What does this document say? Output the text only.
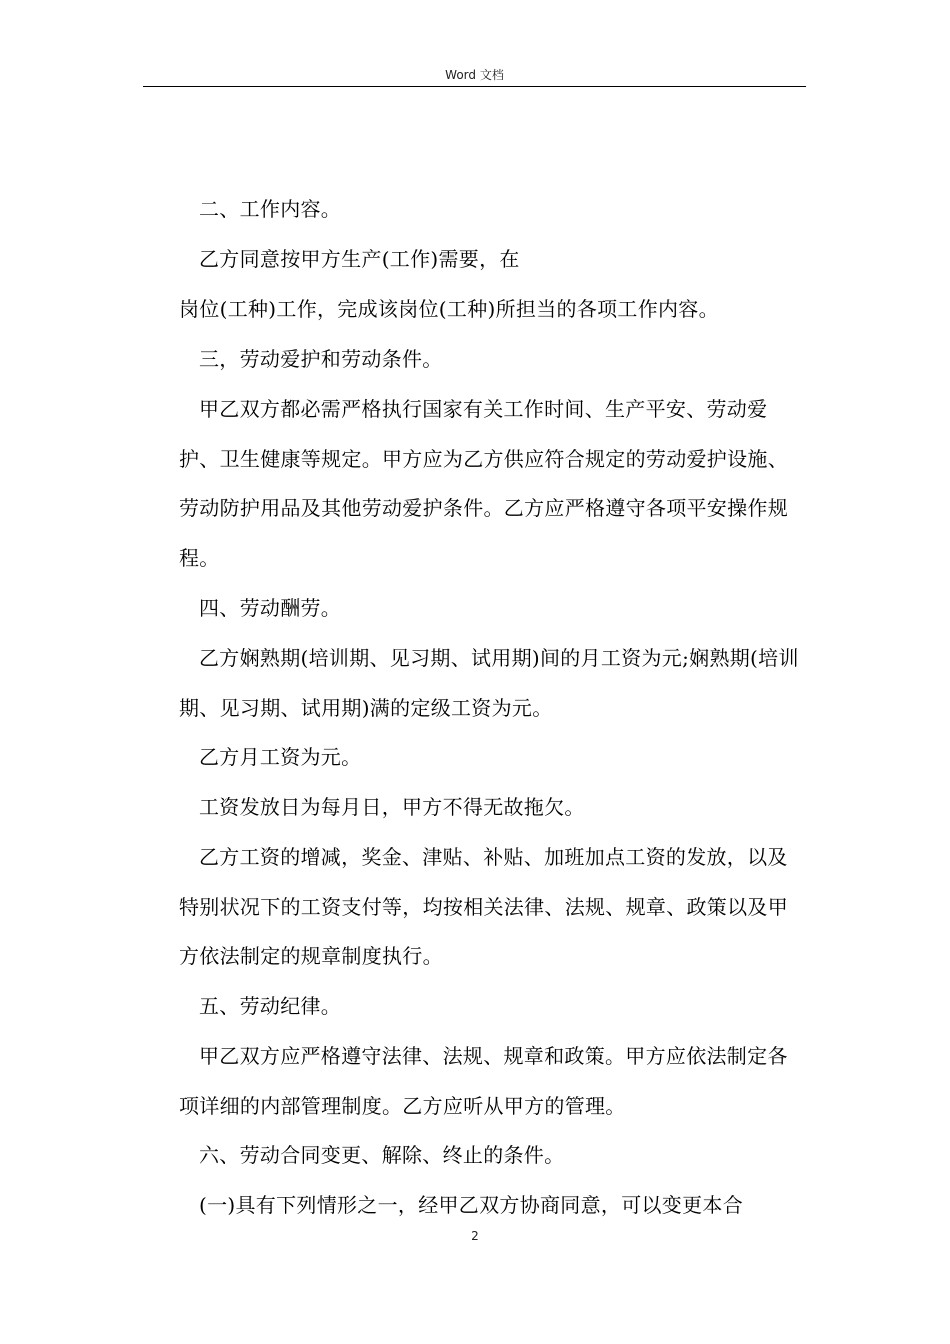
Word 文档
二、工作内容。
乙方同意按甲方生产(工作)需要，在
岗位(工种)工作，完成该岗位(工种)所担当的各项工作内容。
三，劳动爱护和劳动条件。
甲乙双方都必需严格执行国家有关工作时间、生产平安、劳动爱护、卫生健康等规定。甲方应为乙方供应符合规定的劳动爱护设施、劳动防护用品及其他劳动爱护条件。乙方应严格遵守各项平安操作规程。
四、劳动酬劳。
乙方娴熟期(培训期、见习期、试用期)间的月工资为元;娴熟期(培训期、见习期、试用期)满的定级工资为元。
乙方月工资为元。
工资发放日为每月日，甲方不得无故拖欠。
乙方工资的增减，奖金、津贴、补贴、加班加点工资的发放，以及特别状况下的工资支付等，均按相关法律、法规、规章、政策以及甲方依法制定的规章制度执行。
五、劳动纪律。
甲乙双方应严格遵守法律、法规、规章和政策。甲方应依法制定各项详细的内部管理制度。乙方应听从甲方的管理。
六、劳动合同变更、解除、终止的条件。
(一)具有下列情形之一，经甲乙双方协商同意，可以变更本合
2
